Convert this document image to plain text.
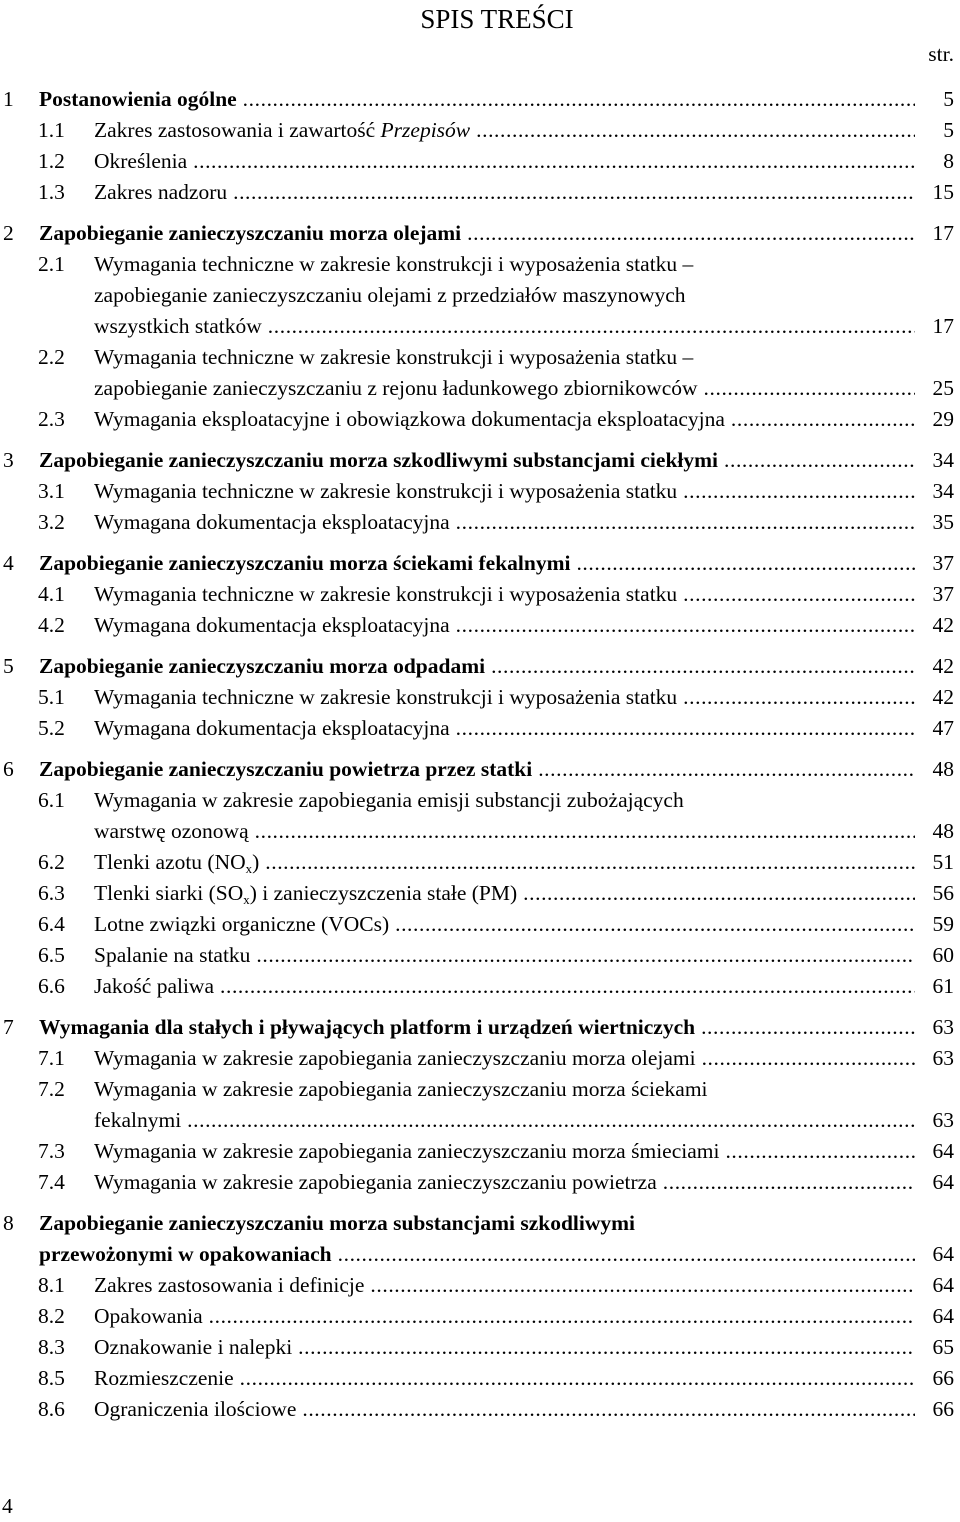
SPIS TREŚCI
str.
1 Postanowienia ogólne .....	5
1.1 Zakres zastosowania i zawartość Przepisów .....	5
1.2 Określenia .....	8
1.3 Zakres nadzoru .....	15
2 Zapobieganie zanieczyszczaniu morza olejami .....	17
2.1 Wymagania techniczne w zakresie konstrukcji i wyposażenia statku –
zapobieganie zanieczyszczaniu olejami z przedziałów maszynowych
wszystkich statków .....	17
2.2 Wymagania techniczne w zakresie konstrukcji i wyposażenia statku –
zapobieganie zanieczyszczaniu z rejonu ładunkowego zbiornikowców .....	25
2.3 Wymagania eksploatacyjne i obowiązkowa dokumentacja eksploatacyjna .....	29
3 Zapobieganie zanieczyszczaniu morza szkodliwymi substancjami ciekłymi .....	34
3.1 Wymagania techniczne w zakresie konstrukcji i wyposażenia statku .....	34
3.2 Wymagana dokumentacja eksploatacyjna .....	35
4 Zapobieganie zanieczyszczaniu morza ściekami fekalnymi .....	37
4.1 Wymagania techniczne w zakresie konstrukcji i wyposażenia statku .....	37
4.2 Wymagana dokumentacja eksploatacyjna .....	42
5 Zapobieganie zanieczyszczaniu morza odpadami .....	42
5.1 Wymagania techniczne w zakresie konstrukcji i wyposażenia statku .....	42
5.2 Wymagana dokumentacja eksploatacyjna .....	47
6 Zapobieganie zanieczyszczaniu powietrza przez statki .....	48
6.1 Wymagania w zakresie zapobiegania emisji substancji zubożających
warstwę ozonową .....	48
6.2 Tlenki azotu $(NO_x)$ .....	51
6.3 Tlenki siarki $(SO_x)$ i zanieczyszczenia stałe (PM) .....	56
6.4 Lotne związki organiczne (VOCs) .....	59
6.5 Spalanie na statku .....	60
6.6 Jakość paliwa .....	61
7 Wymagania dla stałych i pływających platform i urządzeń wiertniczych .....	63
7.1 Wymagania w zakresie zapobiegania zanieczyszczaniu morza olejami .....	63
7.2 Wymagania w zakresie zapobiegania zanieczyszczaniu morza ściekami
fekalnymi .....	63
7.3 Wymagania w zakresie zapobiegania zanieczyszczaniu morza śmieciami .....	64
7.4 Wymagania w zakresie zapobiegania zanieczyszczaniu powietrza .....	64
8 Zapobieganie zanieczyszczaniu morza substancjami szkodliwymi
przewożonymi w opakowaniach .....	64
8.1 Zakres zastosowania i definicje .....	64
8.2 Opakowania .....	64
8.3 Oznakowanie i nalepki .....	65
8.5 Rozmieszczenie .....	66
8.6 Ograniczenia ilościowe .....	66
4
